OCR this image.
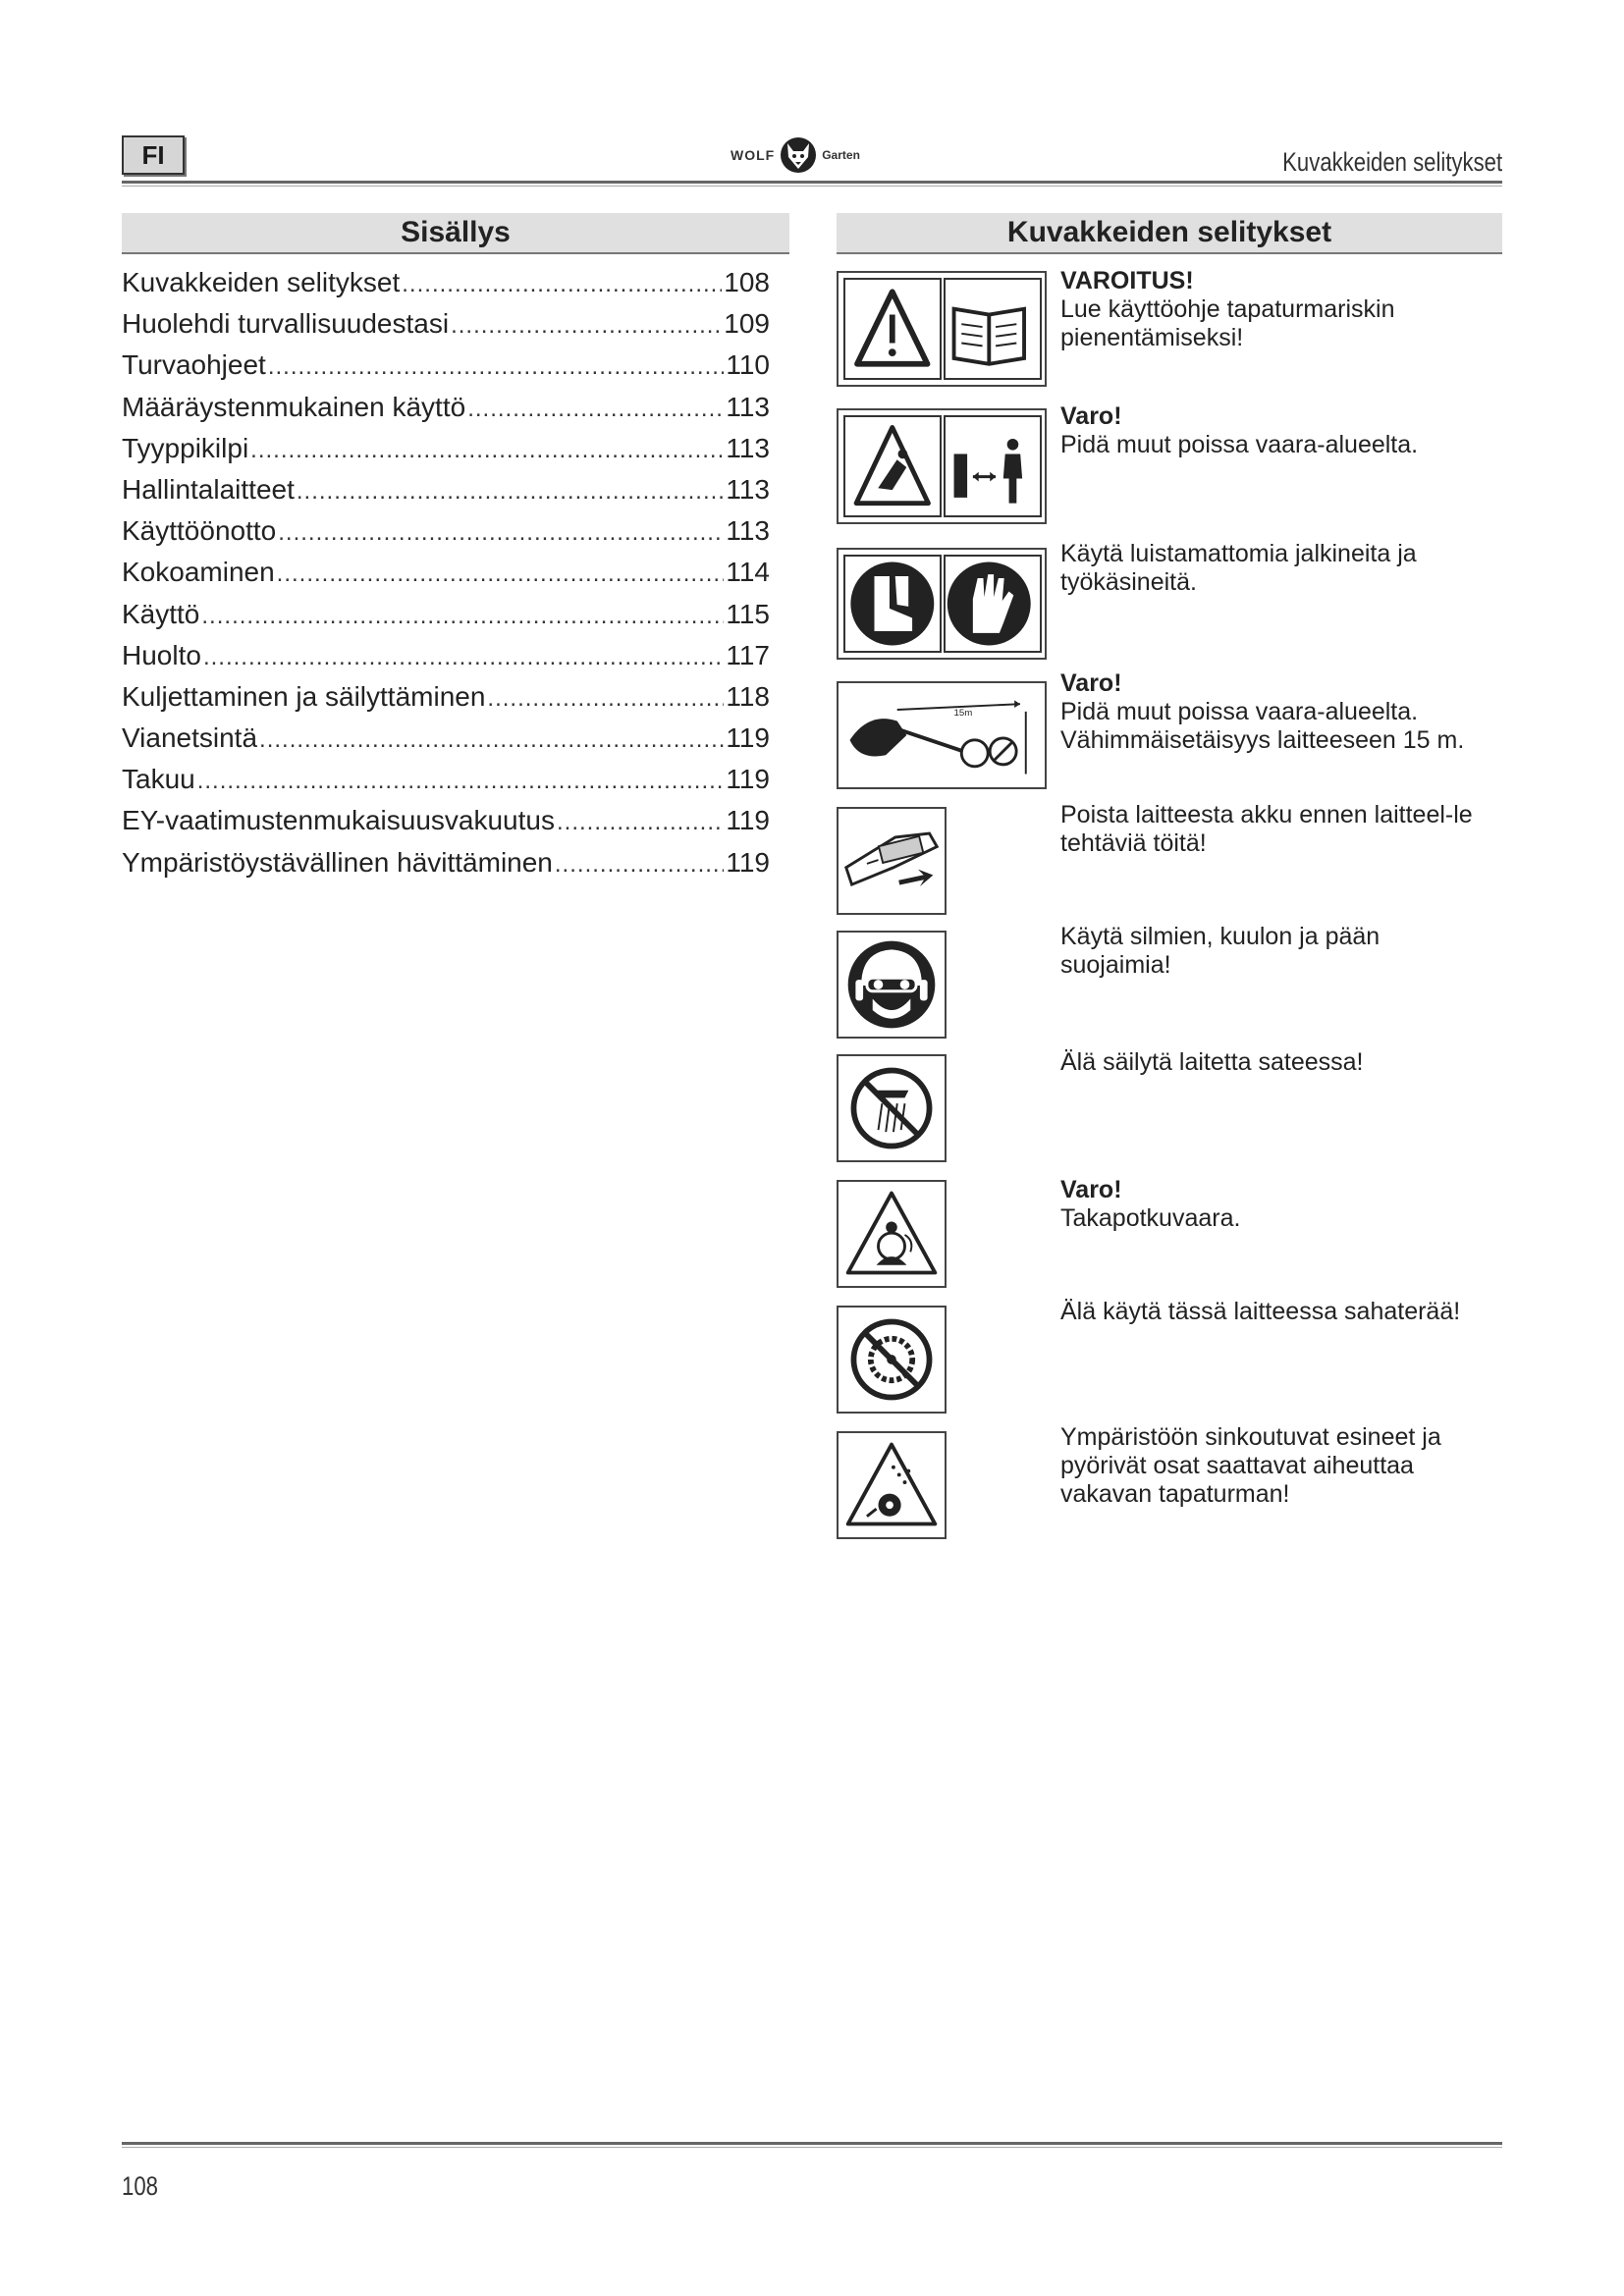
FI	WOLF	Garten	Kuvakkeiden selitykset
Sisällys
Kuvakkeiden selitykset .....	108
Huolehdi turvallisuudestasi .....	109
Turvaohjeet .....	110
Määräystenmukainen käyttö .....	113
Tyyppikilpi .....	113
Hallintalaitteet .....	113
Käyttöönotto .....	113
Kokoaminen .....	114
Käyttö .....	115
Huolto .....	117
Kuljettaminen ja säilyttäminen .....	118
Vianetsintä .....	119
Takuu .....	119
EY-vaatimustenmukaisuusvakuutus .....	119
Ympäristöystävällinen hävittäminen .....	119
Kuvakkeiden selitykset
VAROITUS!
Lue käyttöohje tapaturmariskin pienentämiseksi!
Varo!
Pidä muut poissa vaara-alueelta.
Käytä luistamattomia jalkineita ja työkäsineitä.
15m
Varo!
Pidä muut poissa vaara-alueelta. Vähimmäisetäisyys laitteeseen 15 m.
Poista laitteesta akku ennen laitteel-le tehtäviä töitä!
Käytä silmien, kuulon ja pään suojaimia!
Älä säilytä laitetta sateessa!
Varo!
Takapotkuvaara.
Älä käytä tässä laitteessa sahaterää!
Ympäristöön sinkoutuvat esineet ja pyörivät osat saattavat aiheuttaa vakavan tapaturman!
108
